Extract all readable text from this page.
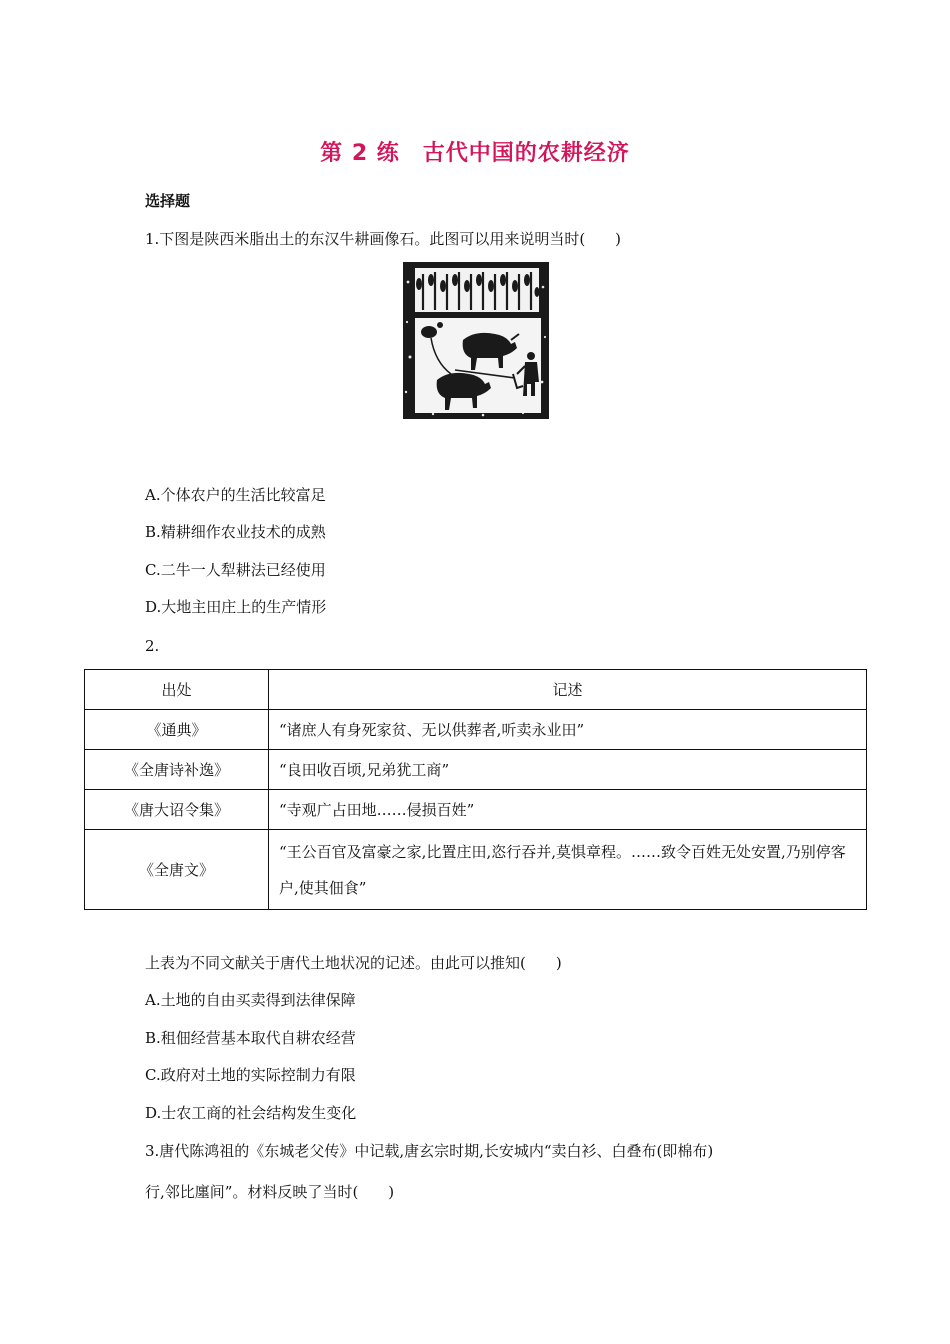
第 2 练　古代中国的农耕经济
选择题
1.下图是陕西米脂出土的东汉牛耕画像石。此图可以用来说明当时(　　)
A.个体农户的生活比较富足
B.精耕细作农业技术的成熟
C.二牛一人犁耕法已经使用
D.大地主田庄上的生产情形
2.
出处	记述
《通典》	“诸庶人有身死家贫、无以供葬者,听卖永业田”
《全唐诗补逸》	“良田收百顷,兄弟犹工商”
《唐大诏令集》	“寺观广占田地……侵损百姓”
《全唐文》	“王公百官及富豪之家,比置庄田,恣行吞并,莫惧章程。……致令百姓无处安置,乃别停客户,使其佃食”
上表为不同文献关于唐代土地状况的记述。由此可以推知(　　)
A.土地的自由买卖得到法律保障
B.租佃经营基本取代自耕农经营
C.政府对土地的实际控制力有限
D.士农工商的社会结构发生变化
3.唐代陈鸿祖的《东城老父传》中记载,唐玄宗时期,长安城内“卖白衫、白叠布(即棉布)
行,邻比廛间”。材料反映了当时(　　)
